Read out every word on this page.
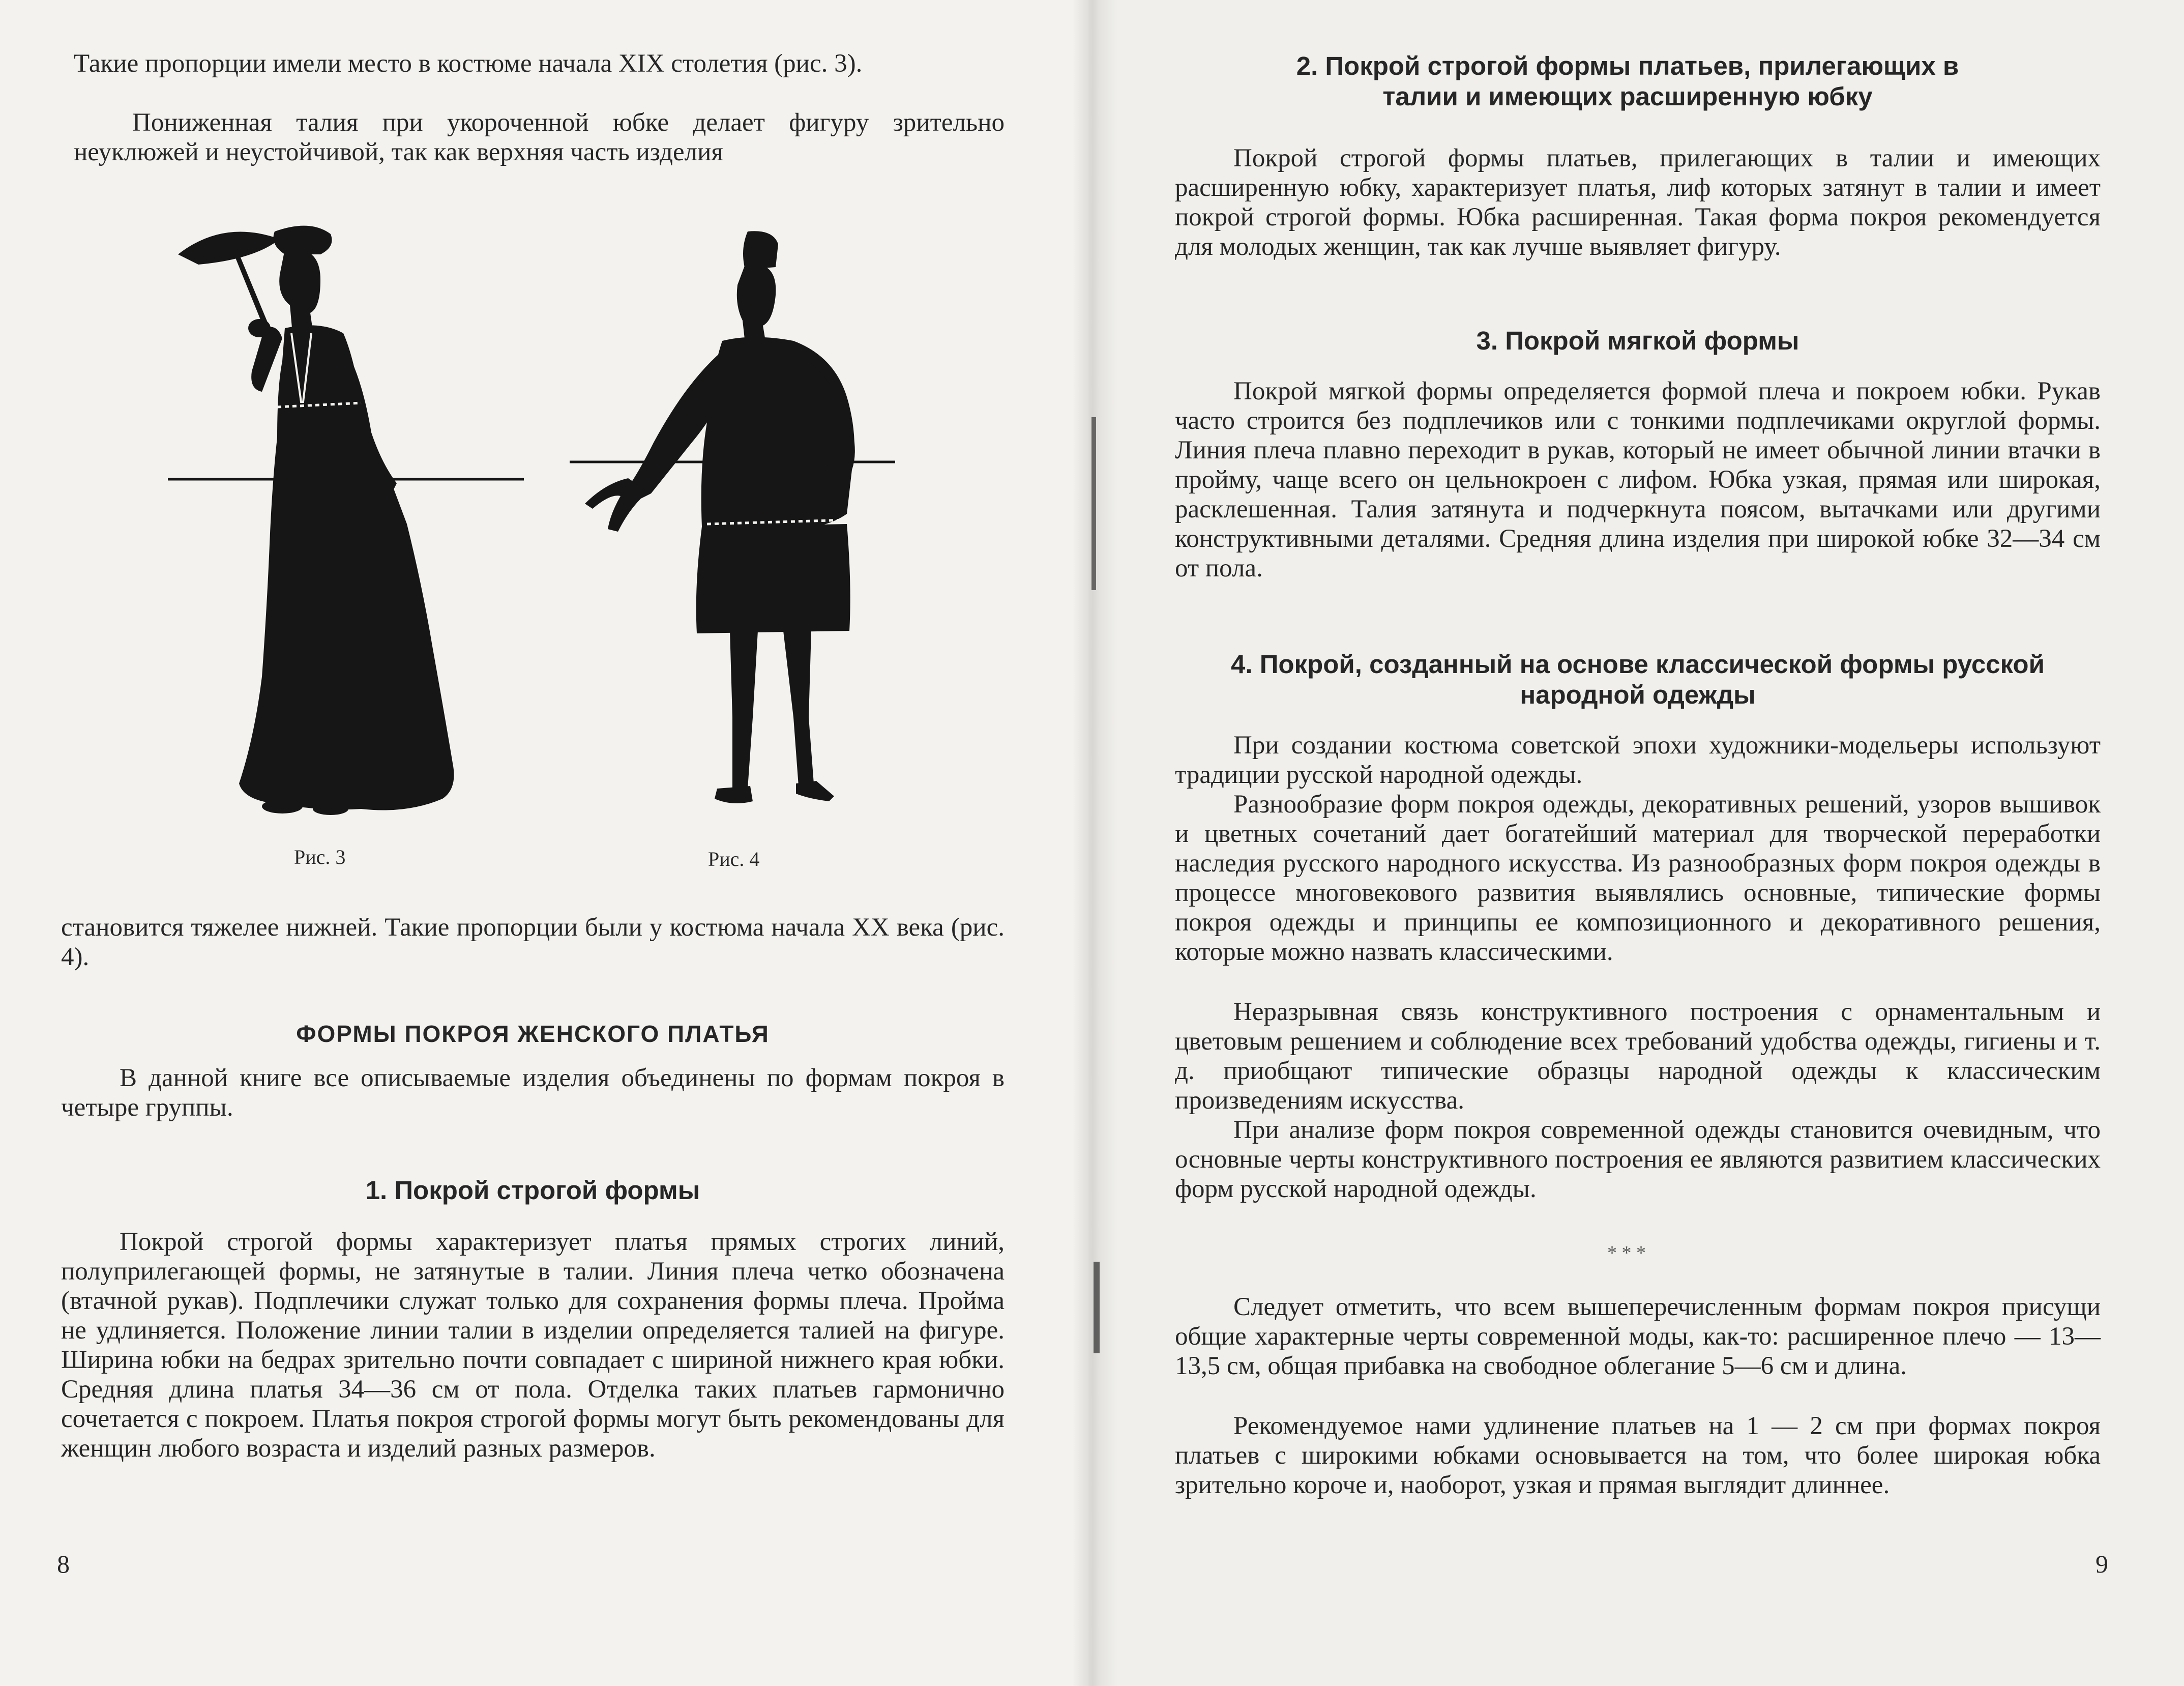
Такие пропорции имели место в костюме начала XIX столетия (рис. 3).

Пониженная талия при укороченной юбке делает фигуру зрительно неуклюжей и неустойчивой, так как верхняя часть изделия

Рис. 3	Рис. 4

становится тяжелее нижней. Такие пропорции были у костюма начала XX века (рис. 4).

ФОРМЫ ПОКРОЯ ЖЕНСКОГО ПЛАТЬЯ

В данной книге все описываемые изделия объединены по формам покроя в четыре группы.

1. Покрой строгой формы

Покрой строгой формы характеризует платья прямых строгих линий, полуприлегающей формы, не затянутые в талии. Линия плеча четко обозначена (втачной рукав). Подплечики служат только для сохранения формы плеча. Пройма не удлиняется. Положение линии талии в изделии определяется талией на фигуре. Ширина юбки на бедрах зрительно почти совпадает с шириной нижнего края юбки. Средняя длина платья 34—36 см от пола. Отделка таких платьев гармонично сочетается с покроем. Платья покроя строгой формы могут быть рекомендованы для женщин любого возраста и изделий разных размеров.

8
2. Покрой строгой формы платьев, прилегающих в талии и имеющих расширенную юбку

Покрой строгой формы платьев, прилегающих в талии и имеющих расширенную юбку, характеризует платья, лиф которых затянут в талии и имеет покрой строгой формы. Юбка расширенная. Такая форма покроя рекомендуется для молодых женщин, так как лучше выявляет фигуру.

3. Покрой мягкой формы

Покрой мягкой формы определяется формой плеча и покроем юбки. Рукав часто строится без подплечиков или с тонкими подплечиками округлой формы. Линия плеча плавно переходит в рукав, который не имеет обычной линии втачки в пройму, чаще всего он цельнокроен с лифом. Юбка узкая, прямая или широкая, расклешенная. Талия затянута и подчеркнута поясом, вытачками или другими конструктивными деталями. Средняя длина изделия при широкой юбке 32—34 см от пола.

4. Покрой, созданный на основе классической формы русской народной одежды

При создании костюма советской эпохи художники-модельеры используют традиции русской народной одежды.

Разнообразие форм покроя одежды, декоративных решений, узоров вышивок и цветных сочетаний дает богатейший материал для творческой переработки наследия русского народного искусства. Из разнообразных форм покроя одежды в процессе многовекового развития выявлялись основные, типические формы покроя одежды и принципы ее композиционного и декоративного решения, которые можно назвать классическими.

Неразрывная связь конструктивного построения с орнаментальным и цветовым решением и соблюдение всех требований удобства одежды, гигиены и т. д. приобщают типические образцы народной одежды к классическим произведениям искусства.

При анализе форм покроя современной одежды становится очевидным, что основные черты конструктивного построения ее являются развитием классических форм русской народной одежды.

* * *

Следует отметить, что всем вышеперечисленным формам покроя присущи общие характерные черты современной моды, как-то: расширенное плечо — 13—13,5 см, общая прибавка на свободное облегание 5—6 см и длина.

Рекомендуемое нами удлинение платьев на 1 — 2 см при формах покроя платьев с широкими юбками основывается на том, что более широкая юбка зрительно короче и, наоборот, узкая и прямая выглядит длиннее.

9
